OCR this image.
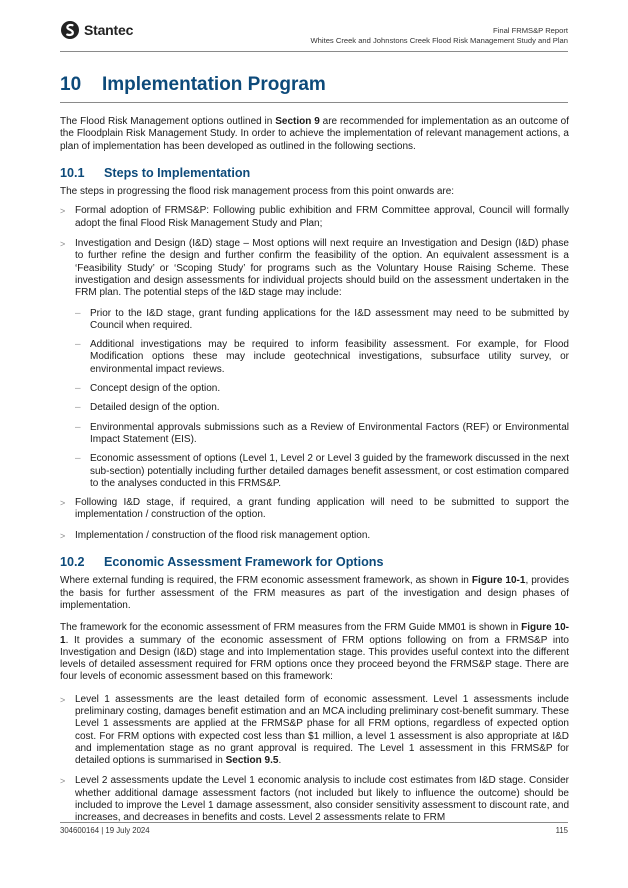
Stantec	Final FRMS&P Report
Whites Creek and Johnstons Creek Flood Risk Management Study and Plan
10	Implementation Program

The Flood Risk Management options outlined in Section 9 are recommended for implementation as an outcome of the Floodplain Risk Management Study. In order to achieve the implementation of relevant management actions, a plan of implementation has been developed as outlined in the following sections.

10.1	Steps to Implementation

The steps in progressing the flood risk management process from this point onwards are:

> Formal adoption of FRMS&P: Following public exhibition and FRM Committee approval, Council will formally adopt the final Flood Risk Management Study and Plan;
> Investigation and Design (I&D) stage – Most options will next require an Investigation and Design (I&D) phase to further refine the design and further confirm the feasibility of the option. An equivalent assessment is a ‘Feasibility Study’ or ‘Scoping Study’ for programs such as the Voluntary House Raising Scheme. These investigation and design assessments for individual projects should build on the assessment undertaken in the FRM plan. The potential steps of the I&D stage may include:
– Prior to the I&D stage, grant funding applications for the I&D assessment may need to be submitted by Council when required.
– Additional investigations may be required to inform feasibility assessment. For example, for Flood Modification options these may include geotechnical investigations, subsurface utility survey, or environmental impact reviews.
– Concept design of the option.
– Detailed design of the option.
– Environmental approvals submissions such as a Review of Environmental Factors (REF) or Environmental Impact Statement (EIS).
– Economic assessment of options (Level 1, Level 2 or Level 3 guided by the framework discussed in the next sub-section) potentially including further detailed damages benefit assessment, or cost estimation compared to the analyses conducted in this FRMS&P.
> Following I&D stage, if required, a grant funding application will need to be submitted to support the implementation / construction of the option.
> Implementation / construction of the flood risk management option.
10.2	Economic Assessment Framework for Options

Where external funding is required, the FRM economic assessment framework, as shown in Figure 10-1, provides the basis for further assessment of the FRM measures as part of the investigation and design phases of implementation.

The framework for the economic assessment of FRM measures from the FRM Guide MM01 is shown in Figure 10-1. It provides a summary of the economic assessment of FRM options following on from a FRMS&P into Investigation and Design (I&D) stage and into Implementation stage. This provides useful context into the different levels of detailed assessment required for FRM options once they proceed beyond the FRMS&P stage. There are four levels of economic assessment based on this framework:

> Level 1 assessments are the least detailed form of economic assessment. Level 1 assessments include preliminary costing, damages benefit estimation and an MCA including preliminary cost-benefit summary. These Level 1 assessments are applied at the FRMS&P phase for all FRM options, regardless of expected option cost. For FRM options with expected cost less than $1 million, a level 1 assessment is also appropriate at I&D and implementation stage as no grant approval is required. The Level 1 assessment in this FRMS&P for detailed options is summarised in Section 9.5.
> Level 2 assessments update the Level 1 economic analysis to include cost estimates from I&D stage. Consider whether additional damage assessment factors (not included but likely to influence the outcome) should be included to improve the Level 1 damage assessment, also consider sensitivity assessment to discount rate, and increases, and decreases in benefits and costs. Level 2 assessments relate to FRM
304600164 | 19 July 2024	115
